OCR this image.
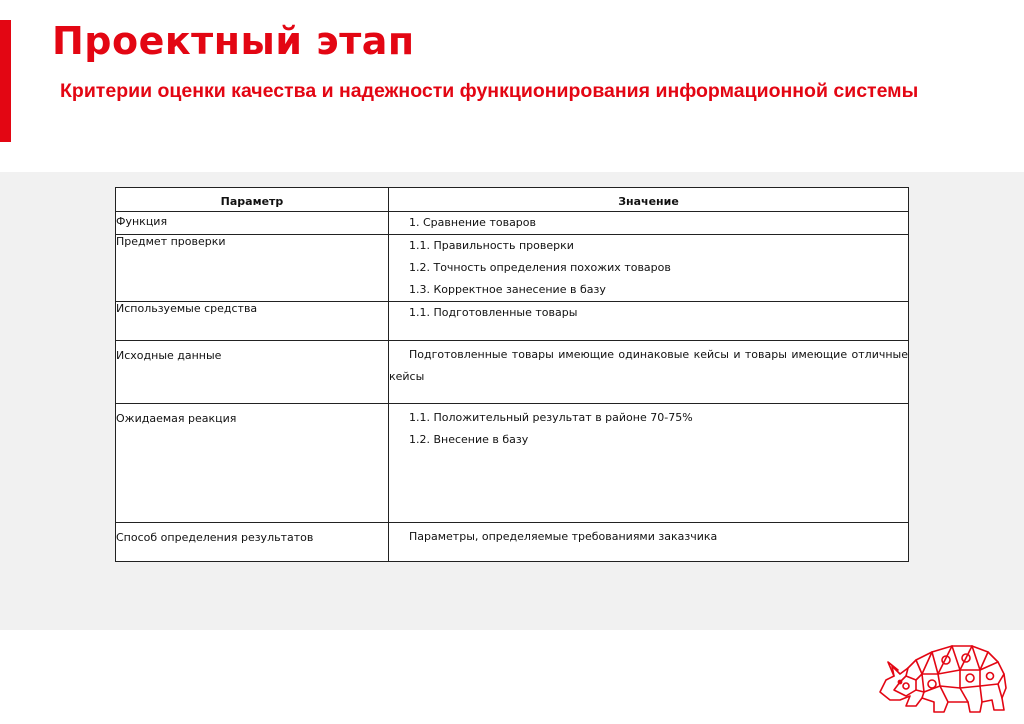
Проектный этап
Критерии оценки качества и надежности функционирования информационной системы
Параметр	Значение
Функция	1. Сравнение товаров

Предмет проверки	1.1. Правильность проверки
1.2. Точность определения похожих товаров
1.3. Корректное занесение в базу

Используемые средства	1.1. Подготовленные товары

Исходные данные	Подготовленные товары имеющие одинаковые кейсы и товары имеющие отличные кейсы

Ожидаемая реакция	1.1. Положительный результат в районе 70-75%
1.2. Внесение в базу

Способ определения результатов	Параметры, определяемые требованиями заказчика
